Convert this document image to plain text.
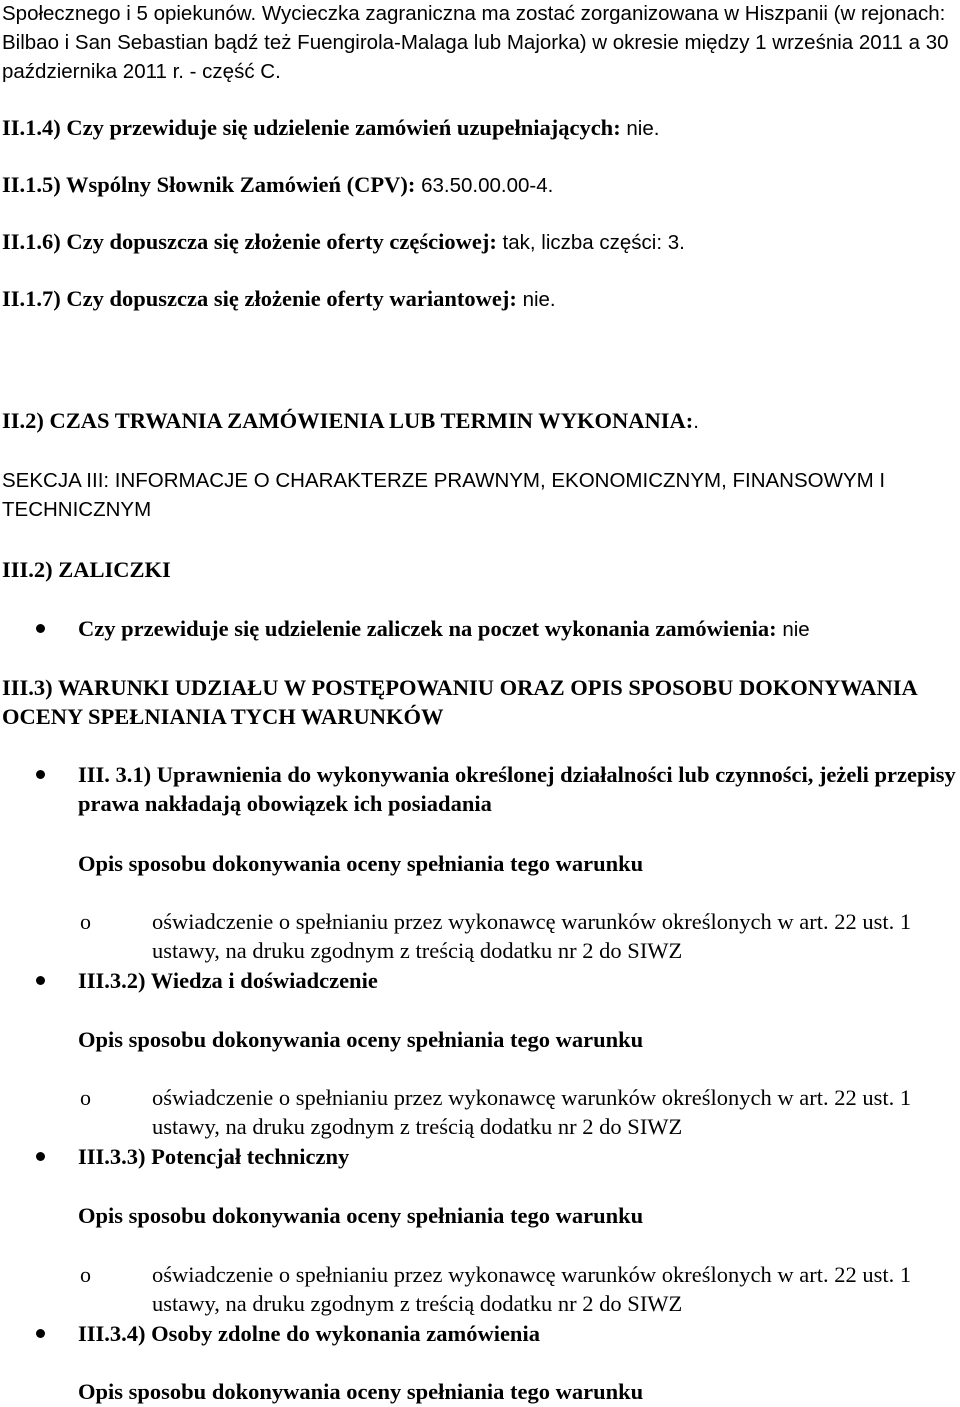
Społecznego i 5 opiekunów. Wycieczka zagraniczna ma zostać zorganizowana w Hiszpanii (w rejonach: Bilbao i San Sebastian bądź też Fuengirola-Malaga lub Majorka) w okresie między 1 września 2011 a 30 października 2011 r. - część C.

II.1.4) Czy przewiduje się udzielenie zamówień uzupełniających: nie.

II.1.5) Wspólny Słownik Zamówień (CPV): 63.50.00.00-4.

II.1.6) Czy dopuszcza się złożenie oferty częściowej: tak, liczba części: 3.

II.1.7) Czy dopuszcza się złożenie oferty wariantowej: nie.

II.2) CZAS TRWANIA ZAMÓWIENIA LUB TERMIN WYKONANIA:.

SEKCJA III: INFORMACJE O CHARAKTERZE PRAWNYM, EKONOMICZNYM, FINANSOWYM I TECHNICZNYM

III.2) ZALICZKI

Czy przewiduje się udzielenie zaliczek na poczet wykonania zamówienia: nie

III.3) WARUNKI UDZIAŁU W POSTĘPOWANIU ORAZ OPIS SPOSOBU DOKONYWANIA OCENY SPEŁNIANIA TYCH WARUNKÓW

III. 3.1) Uprawnienia do wykonywania określonej działalności lub czynności, jeżeli przepisy prawa nakładają obowiązek ich posiadania

Opis sposobu dokonywania oceny spełniania tego warunku

o	oświadczenie o spełnianiu przez wykonawcę warunków określonych w art. 22 ust. 1 ustawy, na druku zgodnym z treścią dodatku nr 2 do SIWZ

III.3.2) Wiedza i doświadczenie

Opis sposobu dokonywania oceny spełniania tego warunku

o	oświadczenie o spełnianiu przez wykonawcę warunków określonych w art. 22 ust. 1 ustawy, na druku zgodnym z treścią dodatku nr 2 do SIWZ

III.3.3) Potencjał techniczny

Opis sposobu dokonywania oceny spełniania tego warunku

o	oświadczenie o spełnianiu przez wykonawcę warunków określonych w art. 22 ust. 1 ustawy, na druku zgodnym z treścią dodatku nr 2 do SIWZ

III.3.4) Osoby zdolne do wykonania zamówienia

Opis sposobu dokonywania oceny spełniania tego warunku
